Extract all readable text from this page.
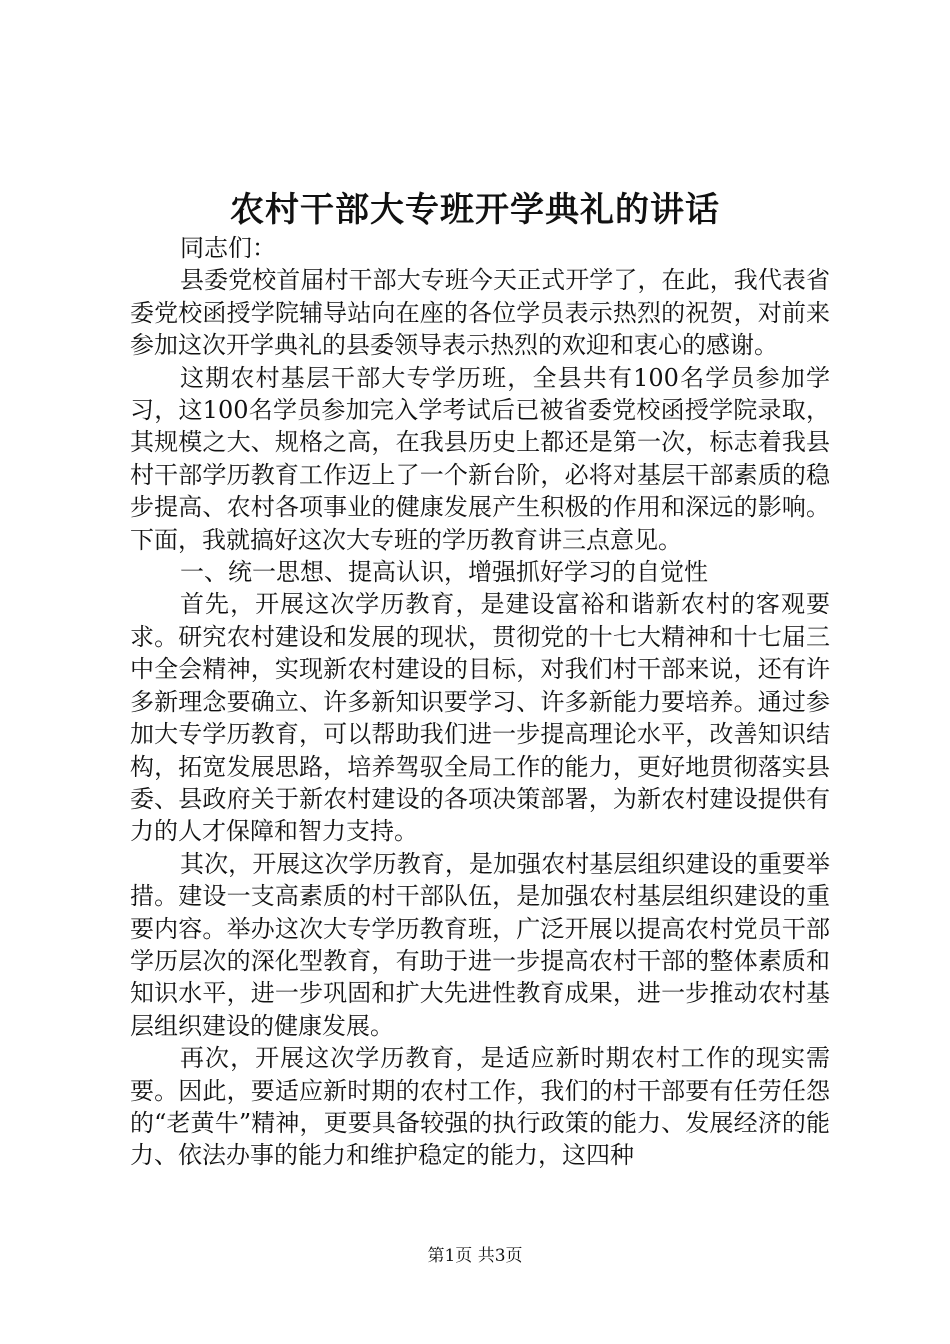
农村干部大专班开学典礼的讲话

同志们：

县委党校首届村干部大专班今天正式开学了，在此，我代表省委党校函授学院辅导站向在座的各位学员表示热烈的祝贺，对前来参加这次开学典礼的县委领导表示热烈的欢迎和衷心的感谢。

这期农村基层干部大专学历班，全县共有100名学员参加学习，这100名学员参加完入学考试后已被省委党校函授学院录取，其规模之大、规格之高，在我县历史上都还是第一次，标志着我县村干部学历教育工作迈上了一个新台阶，必将对基层干部素质的稳步提高、农村各项事业的健康发展产生积极的作用和深远的影响。下面，我就搞好这次大专班的学历教育讲三点意见。

一、统一思想、提高认识，增强抓好学习的自觉性

首先，开展这次学历教育，是建设富裕和谐新农村的客观要求。研究农村建设和发展的现状，贯彻党的十七大精神和十七届三中全会精神，实现新农村建设的目标，对我们村干部来说，还有许多新理念要确立、许多新知识要学习、许多新能力要培养。通过参加大专学历教育，可以帮助我们进一步提高理论水平，改善知识结构，拓宽发展思路，培养驾驭全局工作的能力，更好地贯彻落实县委、县政府关于新农村建设的各项决策部署，为新农村建设提供有力的人才保障和智力支持。

其次，开展这次学历教育，是加强农村基层组织建设的重要举措。建设一支高素质的村干部队伍，是加强农村基层组织建设的重要内容。举办这次大专学历教育班，广泛开展以提高农村党员干部学历层次的深化型教育，有助于进一步提高农村干部的整体素质和知识水平，进一步巩固和扩大先进性教育成果，进一步推动农村基层组织建设的健康发展。

再次，开展这次学历教育，是适应新时期农村工作的现实需要。因此，要适应新时期的农村工作，我们的村干部要有任劳任怨的“老黄牛”精神，更要具备较强的执行政策的能力、发展经济的能力、依法办事的能力和维护稳定的能力，这四种

第1页 共3页
